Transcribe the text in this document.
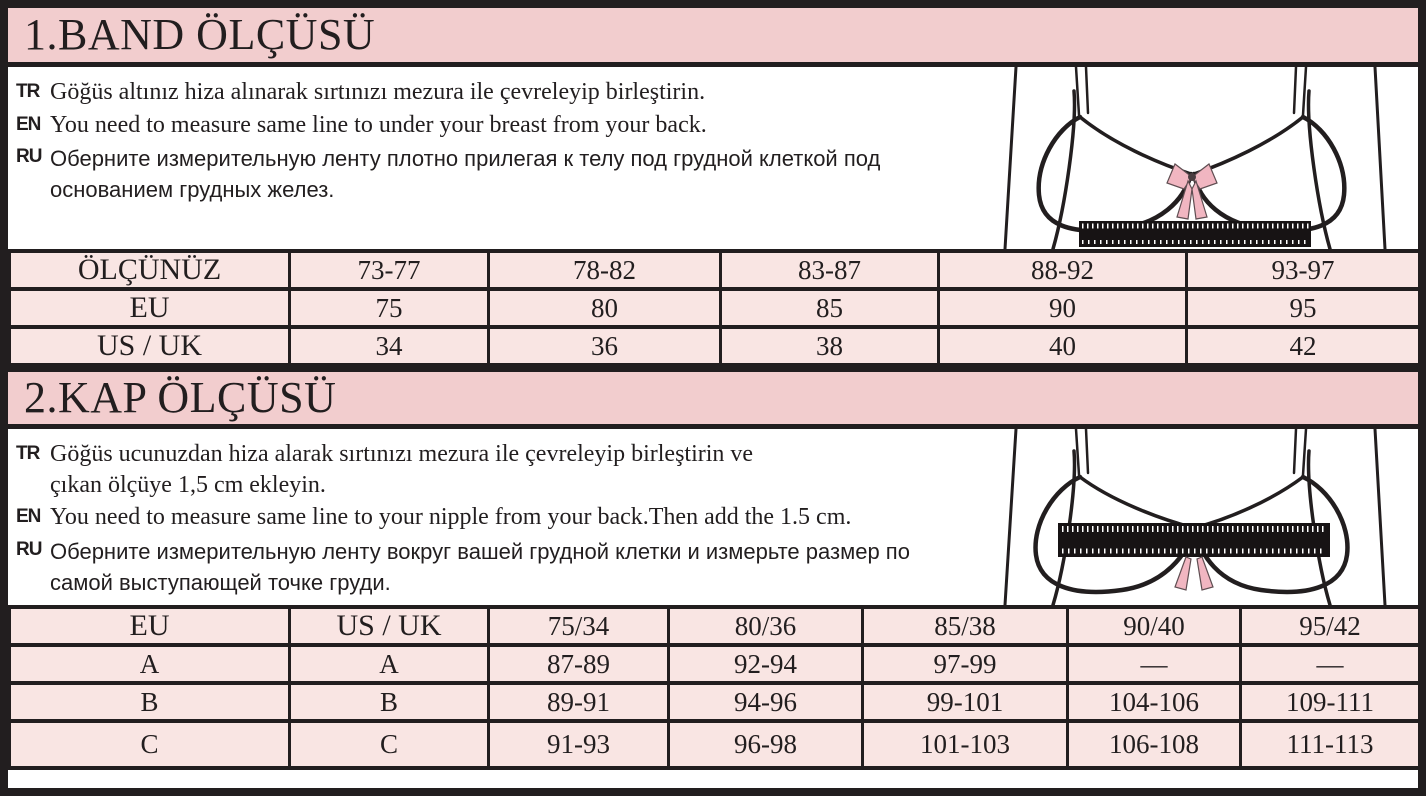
1.BAND ÖLÇÜSÜ
TR Göğüs altınız hiza alınarak sırtınızı mezura ile çevreleyip birleştirin.
EN You need to measure same line to under your breast from your back.
RU Оберните измерительную ленту плотно прилегая к телу под грудной клеткой под
основанием грудных желез.
ÖLÇÜNÜZ	73-77	78-82	83-87	88-92	93-97
EU	75	80	85	90	95
US / UK	34	36	38	40	42
2.KAP ÖLÇÜSÜ
TR Göğüs ucunuzdan hiza alarak sırtınızı mezura ile çevreleyip birleştirin ve
çıkan ölçüye 1,5 cm ekleyin.
EN You need to measure same line to your nipple from your back.Then add the 1.5 cm.
RU Оберните измерительную ленту вокруг вашей грудной клетки и измерьте размер по
самой выступающей точке груди.
EU	US / UK	75/34	80/36	85/38	90/40	95/42
A	A	87-89	92-94	97-99	—	—
B	B	89-91	94-96	99-101	104-106	109-111
C	C	91-93	96-98	101-103	106-108	111-113
